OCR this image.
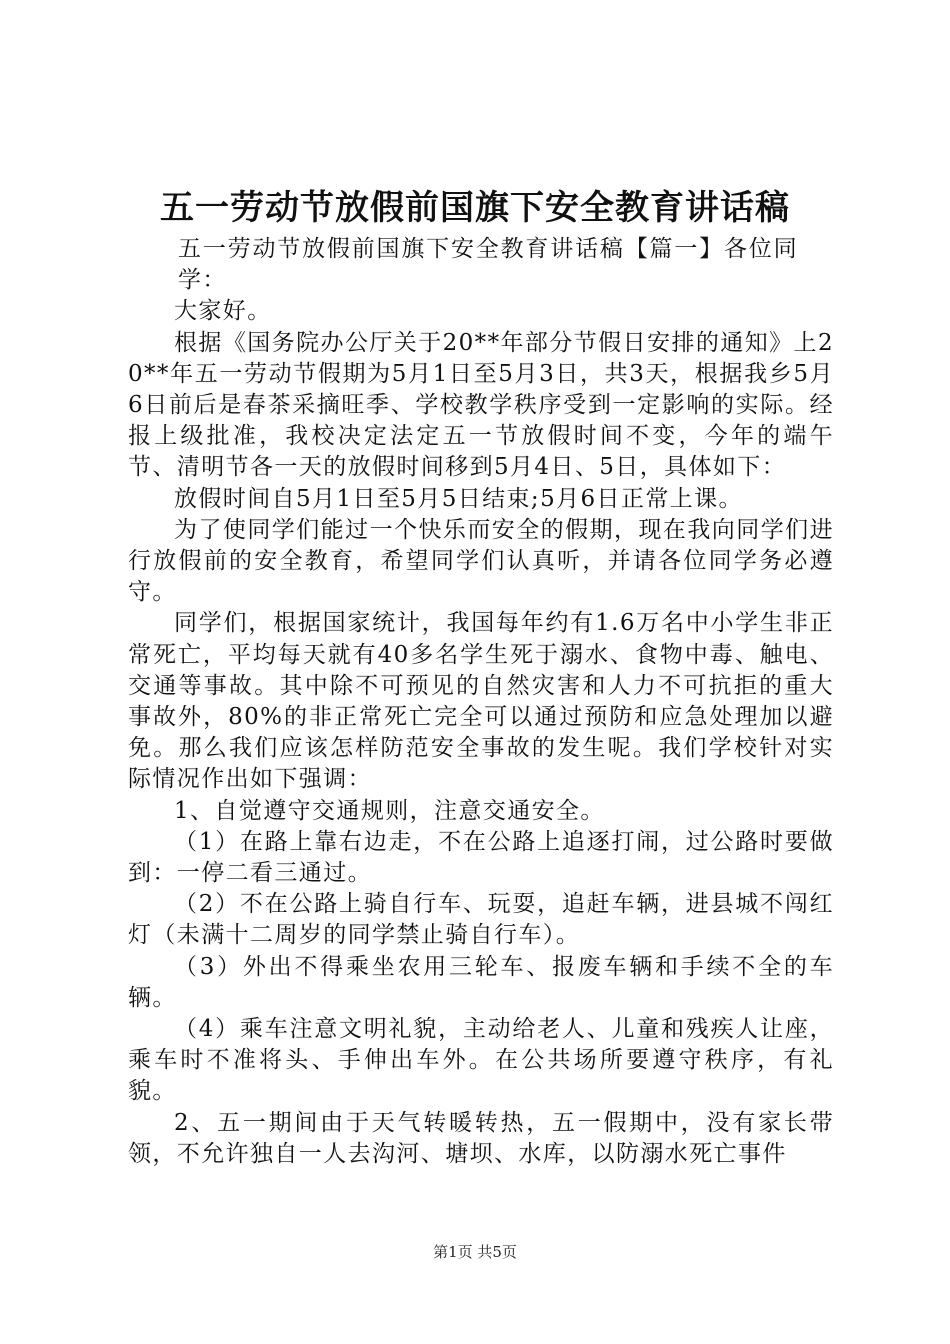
五一劳动节放假前国旗下安全教育讲话稿

五一劳动节放假前国旗下安全教育讲话稿【篇一】各位同学：

大家好。

根据《国务院办公厅关于20**年部分节假日安排的通知》上20**年五一劳动节假期为5月1日至5月3日，共3天，根据我乡5月6日前后是春茶采摘旺季、学校教学秩序受到一定影响的实际。经报上级批准，我校决定法定五一节放假时间不变，今年的端午节、清明节各一天的放假时间移到5月4日、5日，具体如下：

放假时间自5月1日至5月5日结束;5月6日正常上课。

为了使同学们能过一个快乐而安全的假期，现在我向同学们进行放假前的安全教育，希望同学们认真听，并请各位同学务必遵守。

同学们，根据国家统计，我国每年约有1.6万名中小学生非正常死亡，平均每天就有40多名学生死于溺水、食物中毒、触电、交通等事故。其中除不可预见的自然灾害和人力不可抗拒的重大事故外，80%的非正常死亡完全可以通过预防和应急处理加以避免。那么我们应该怎样防范安全事故的发生呢。我们学校针对实际情况作出如下强调：

1、自觉遵守交通规则，注意交通安全。

（1）在路上靠右边走，不在公路上追逐打闹，过公路时要做到：一停二看三通过。

（2）不在公路上骑自行车、玩耍，追赶车辆，进县城不闯红灯（未满十二周岁的同学禁止骑自行车）。

（3）外出不得乘坐农用三轮车、报废车辆和手续不全的车辆。

（4）乘车注意文明礼貌，主动给老人、儿童和残疾人让座，乘车时不准将头、手伸出车外。在公共场所要遵守秩序，有礼貌。

2、五一期间由于天气转暖转热，五一假期中，没有家长带领，不允许独自一人去沟河、塘坝、水库，以防溺水死亡事件

第1页 共5页
